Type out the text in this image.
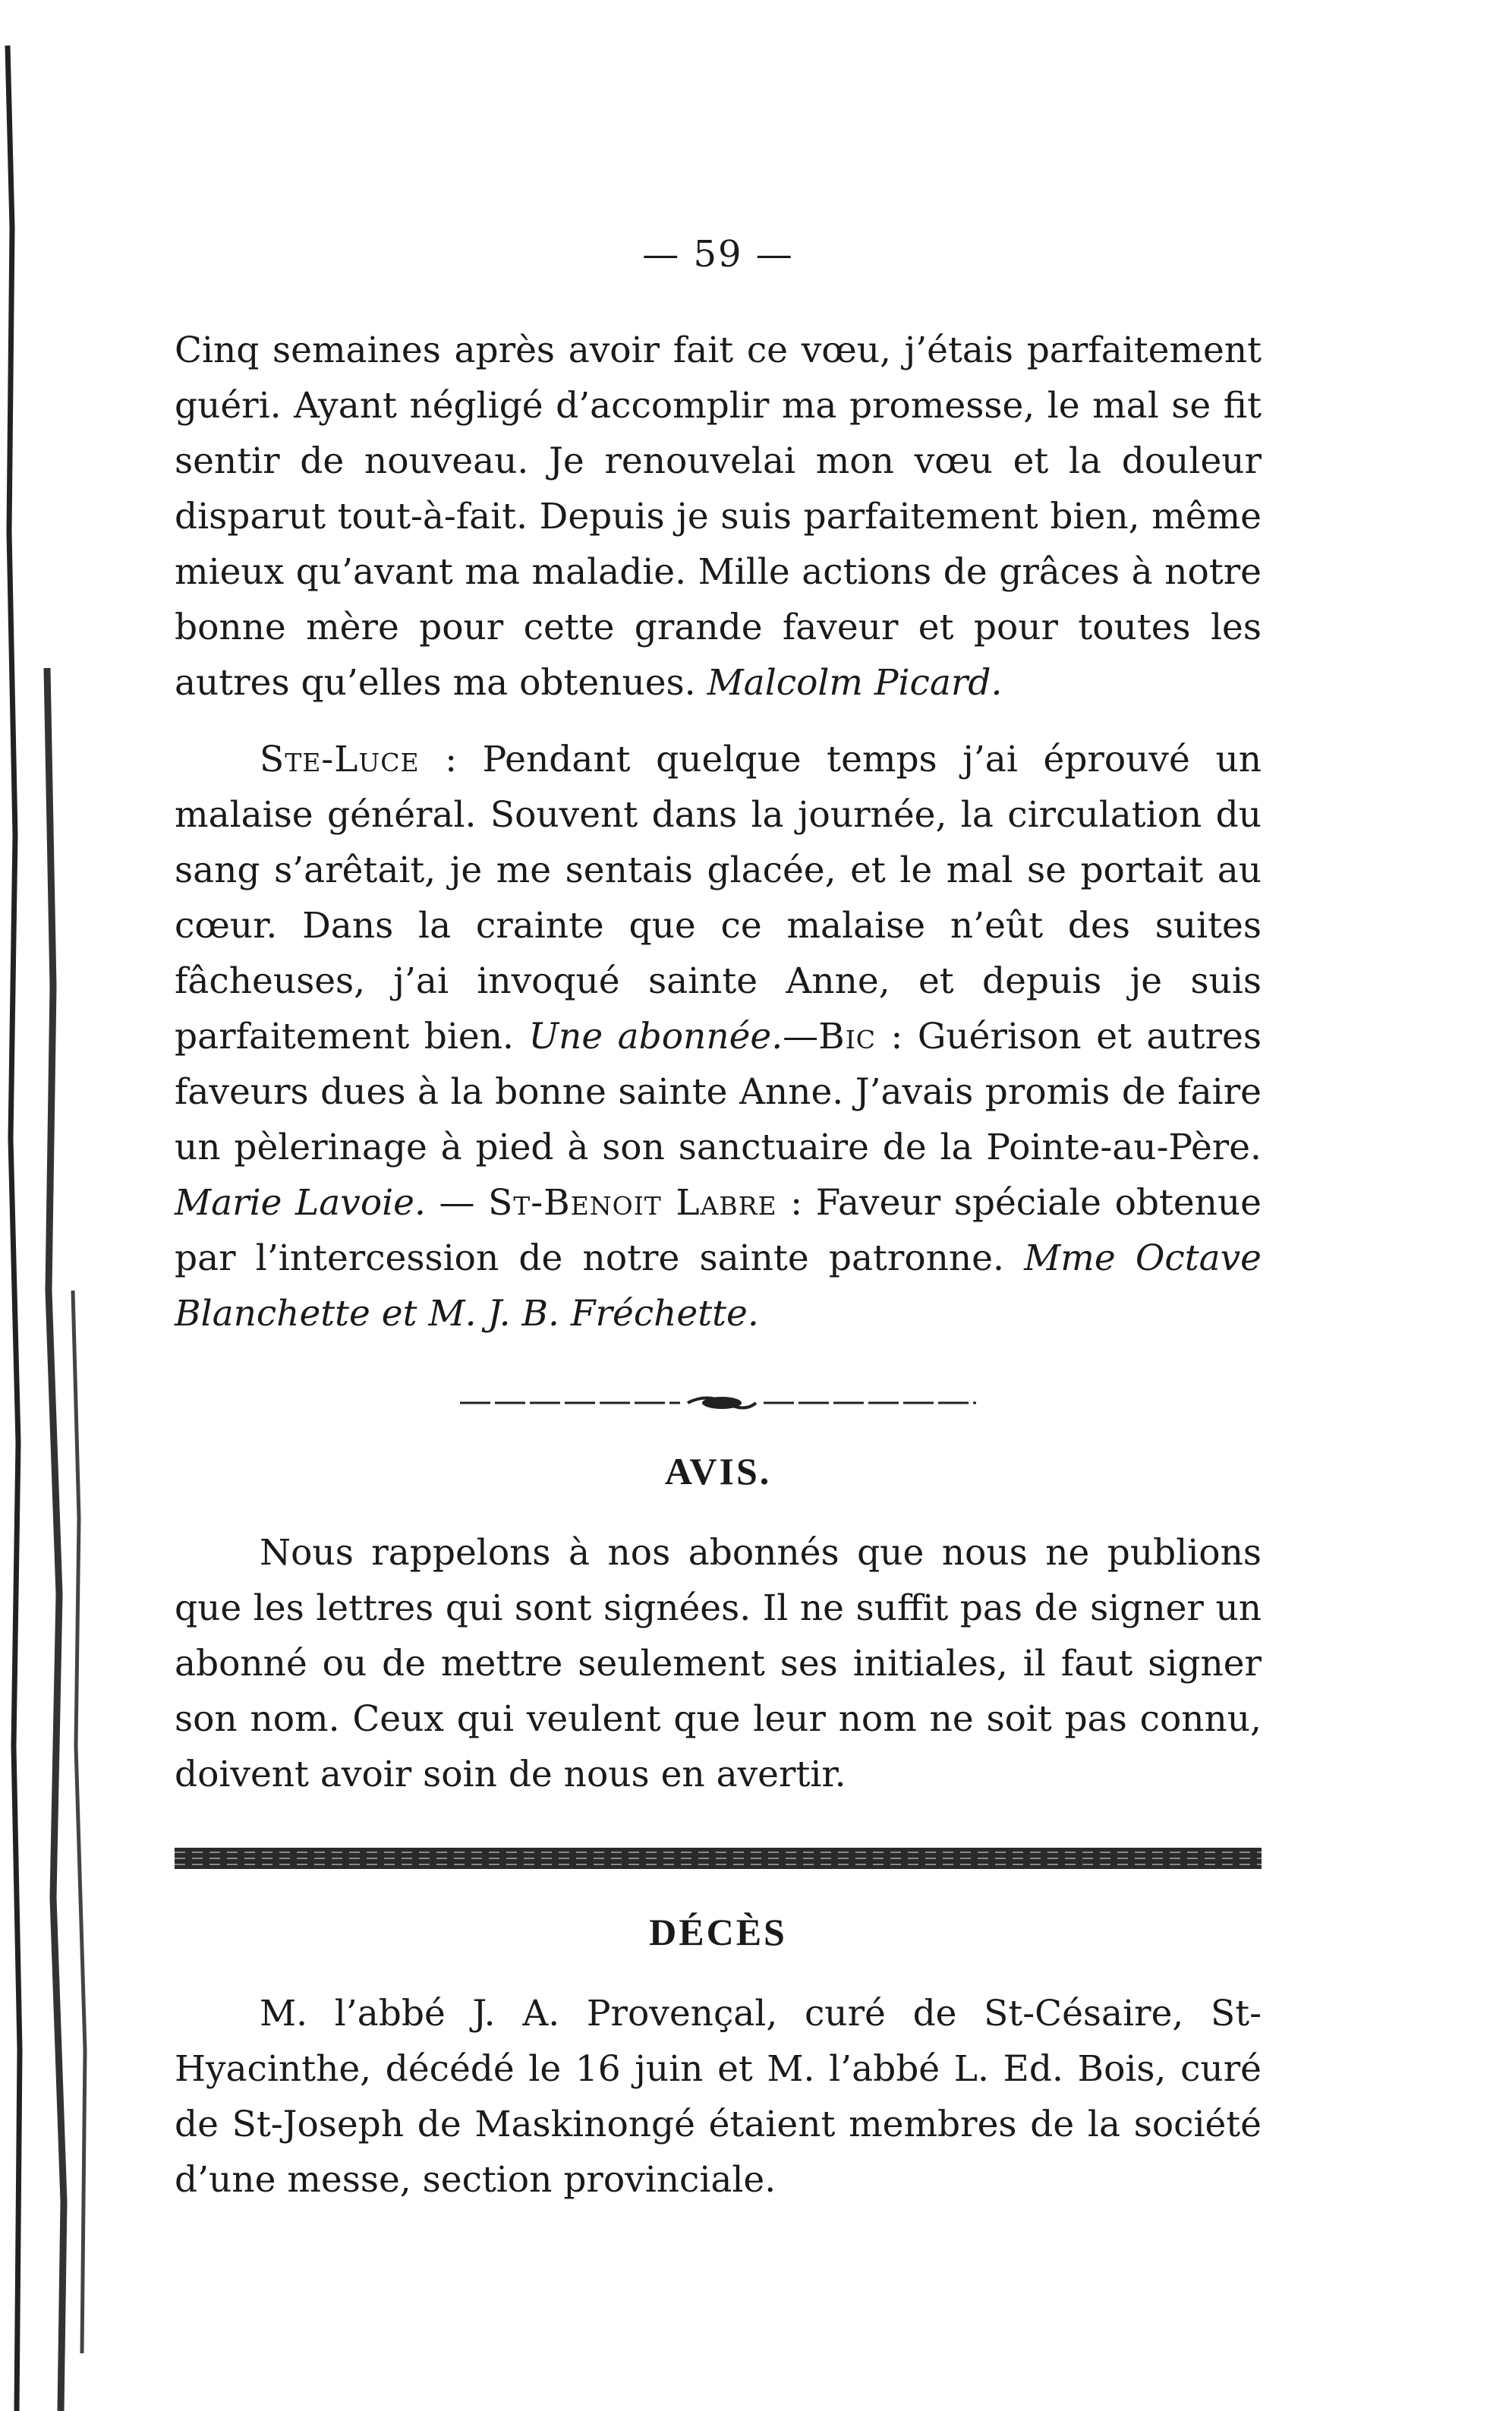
— 59 —

Cinq semaines après avoir fait ce vœu, j’étais parfaitement guéri. Ayant négligé d’accomplir ma promesse, le mal se fit sentir de nouveau. Je renouvelai mon vœu et la douleur disparut tout-à-fait. Depuis je suis parfaitement bien, même mieux qu’avant ma maladie. Mille actions de grâces à notre bonne mère pour cette grande faveur et pour toutes les autres qu’elles ma obtenues. Malcolm Picard.

Ste-Luce : Pendant quelque temps j’ai éprouvé un malaise général. Souvent dans la journée, la circulation du sang s’arêtait, je me sentais glacée, et le mal se portait au cœur. Dans la crainte que ce malaise n’eût des suites fâcheuses, j’ai invoqué sainte Anne, et depuis je suis parfaitement bien. Une abonnée.—Bic : Guérison et autres faveurs dues à la bonne sainte Anne. J’avais promis de faire un pèlerinage à pied à son sanctuaire de la Pointe-au-Père. Marie Lavoie. — St-Benoit Labre : Faveur spéciale obtenue par l’intercession de notre sainte patronne. Mme Octave Blanchette et M. J. B. Fréchette.

AVIS.

Nous rappelons à nos abonnés que nous ne publions que les lettres qui sont signées. Il ne suffit pas de signer un abonné ou de mettre seulement ses initiales, il faut signer son nom. Ceux qui veulent que leur nom ne soit pas connu, doivent avoir soin de nous en avertir.

DÉCÈS

M. l’abbé J. A. Provençal, curé de St-Césaire, St-Hyacinthe, décédé le 16 juin et M. l’abbé L. Ed. Bois, curé de St-Joseph de Maskinongé étaient membres de la société d’une messe, section provinciale.
